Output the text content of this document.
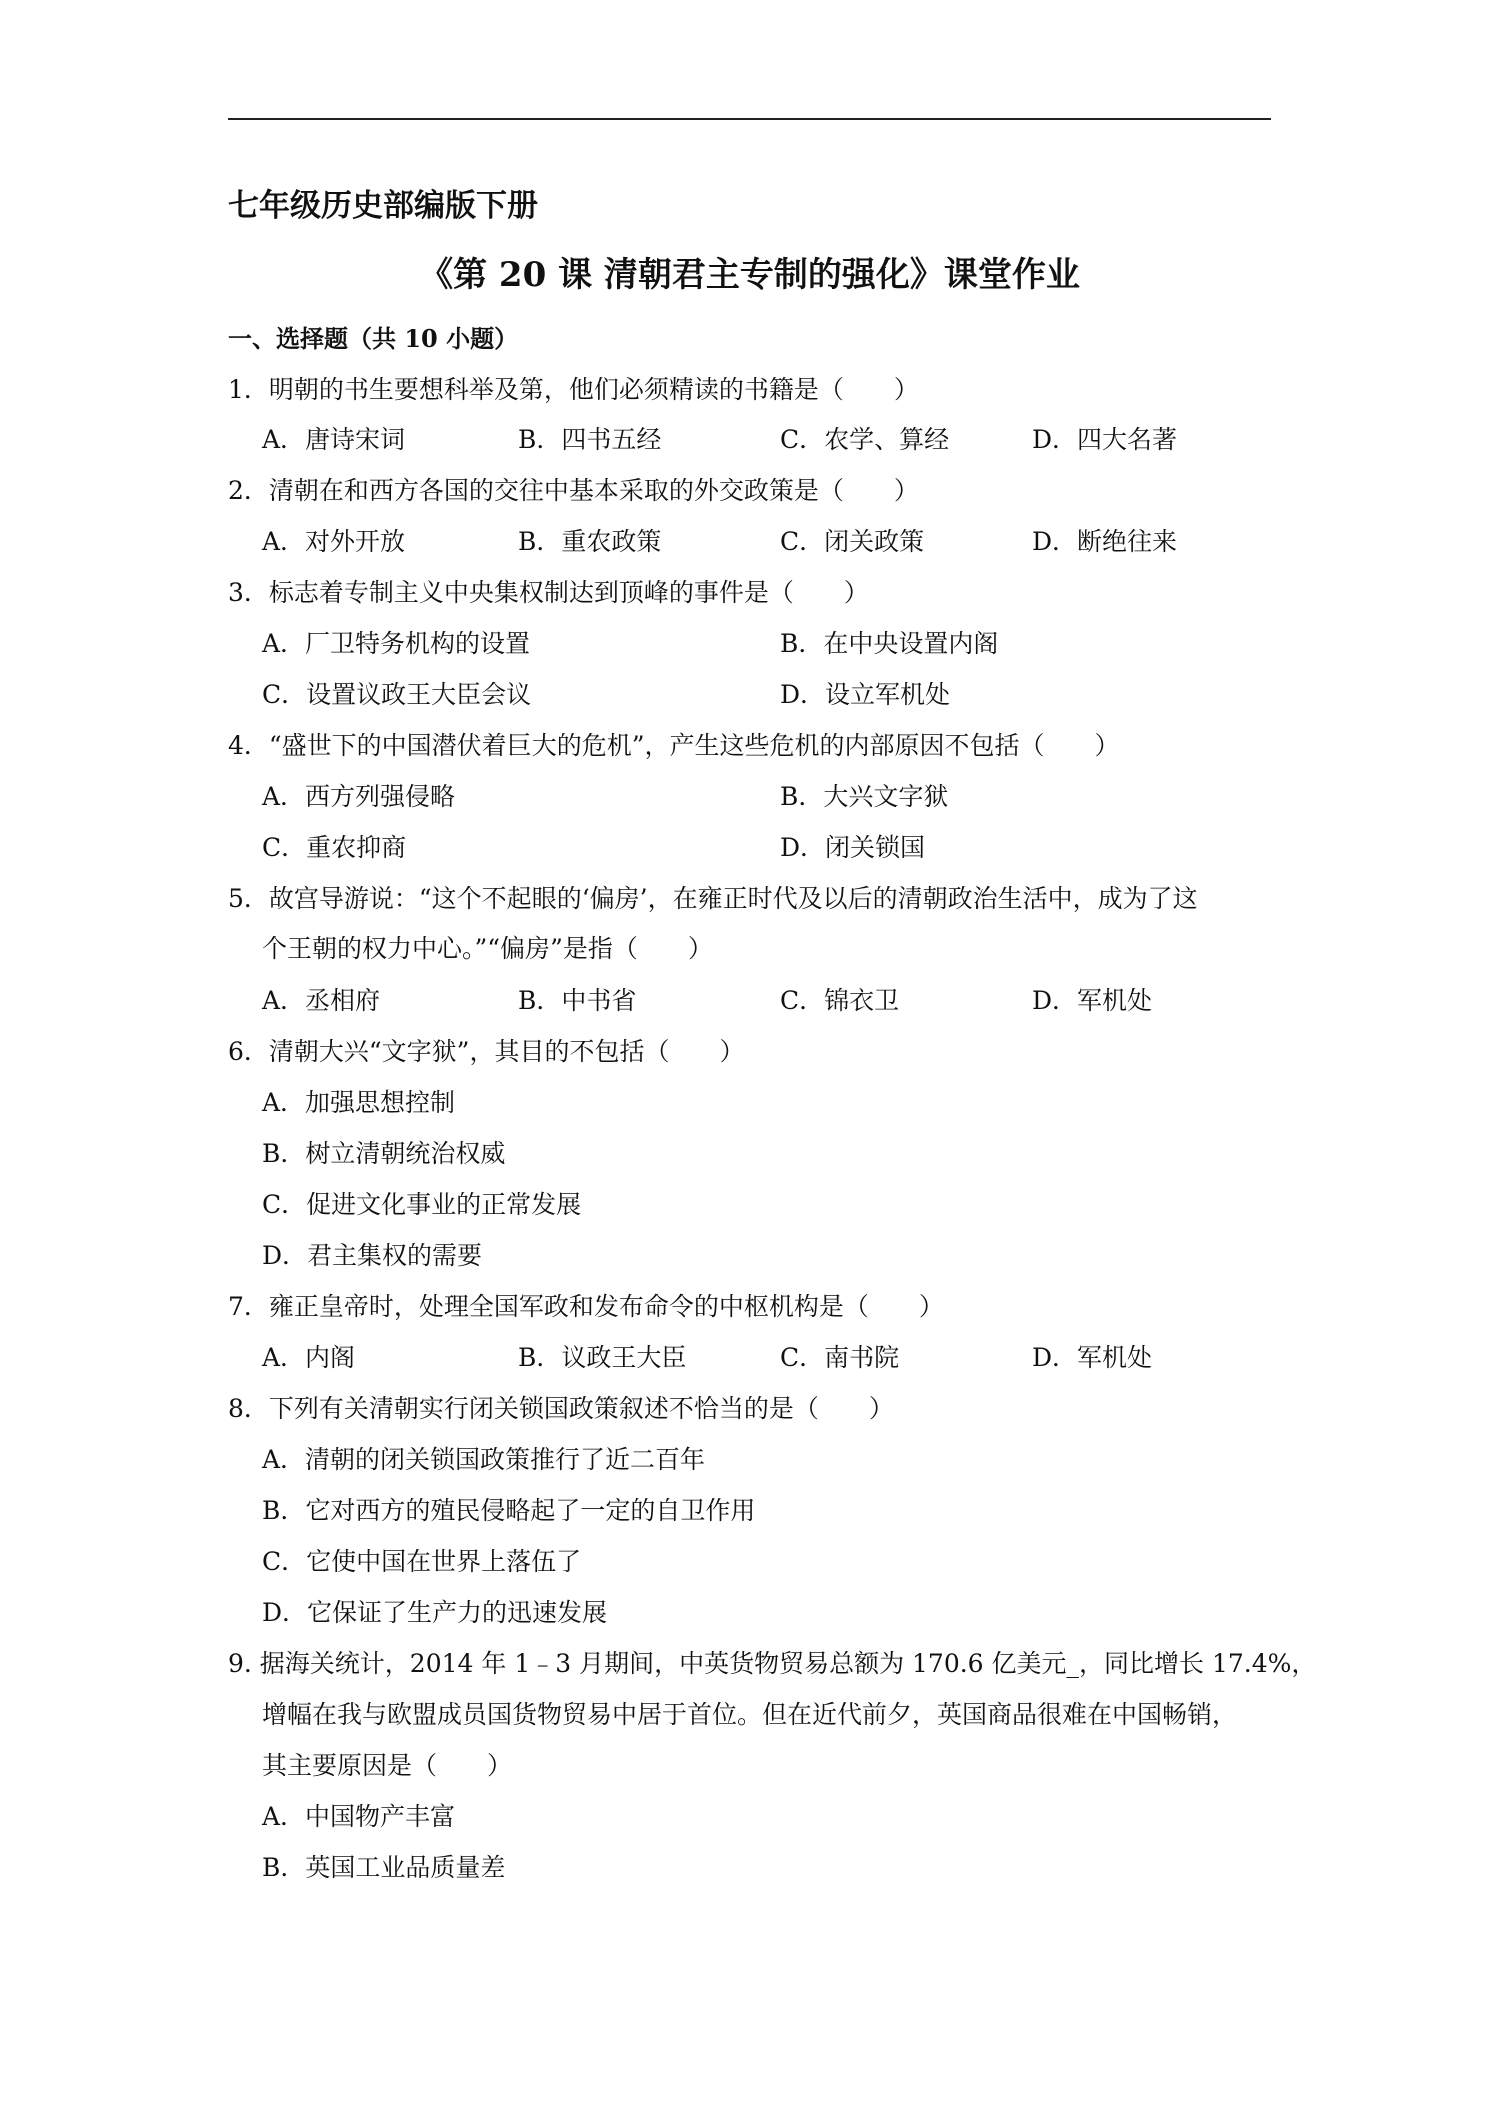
七年级历史部编版下册
《第 20 课 清朝君主专制的强化》课堂作业
一、选择题（共 10 小题）
1．明朝的书生要想科举及第，他们必须精读的书籍是（　　）
A．唐诗宋词	B．四书五经	C．农学、算经	D．四大名著
2．清朝在和西方各国的交往中基本采取的外交政策是（　　）
A．对外开放	B．重农政策	C．闭关政策	D．断绝往来
3．标志着专制主义中央集权制达到顶峰的事件是（　　）
A．厂卫特务机构的设置	B．在中央设置内阁
C．设置议政王大臣会议	D．设立军机处
4．“盛世下的中国潜伏着巨大的危机”，产生这些危机的内部原因不包括（　　）
A．西方列强侵略	B．大兴文字狱
C．重农抑商	D．闭关锁国
5．故宫导游说：“这个不起眼的‘偏房’，在雍正时代及以后的清朝政治生活中，成为了这
个王朝的权力中心。”“偏房”是指（　　）
A．丞相府	B．中书省	C．锦衣卫	D．军机处
6．清朝大兴“文字狱”，其目的不包括（　　）
A．加强思想控制
B．树立清朝统治权威
C．促进文化事业的正常发展
D．君主集权的需要
7．雍正皇帝时，处理全国军政和发布命令的中枢机构是（　　）
A．内阁	B．议政王大臣	C．南书院	D．军机处
8．下列有关清朝实行闭关锁国政策叙述不恰当的是（　　）
A．清朝的闭关锁国政策推行了近二百年
B．它对西方的殖民侵略起了一定的自卫作用
C．它使中国在世界上落伍了
D．它保证了生产力的迅速发展
9. 据海关统计，2014 年 1﹣3 月期间，中英货物贸易总额为 170.6 亿美元_，同比增长 17.4%，
增幅在我与欧盟成员国货物贸易中居于首位。但在近代前夕，英国商品很难在中国畅销，
其主要原因是（　　）
A．中国物产丰富
B．英国工业品质量差
